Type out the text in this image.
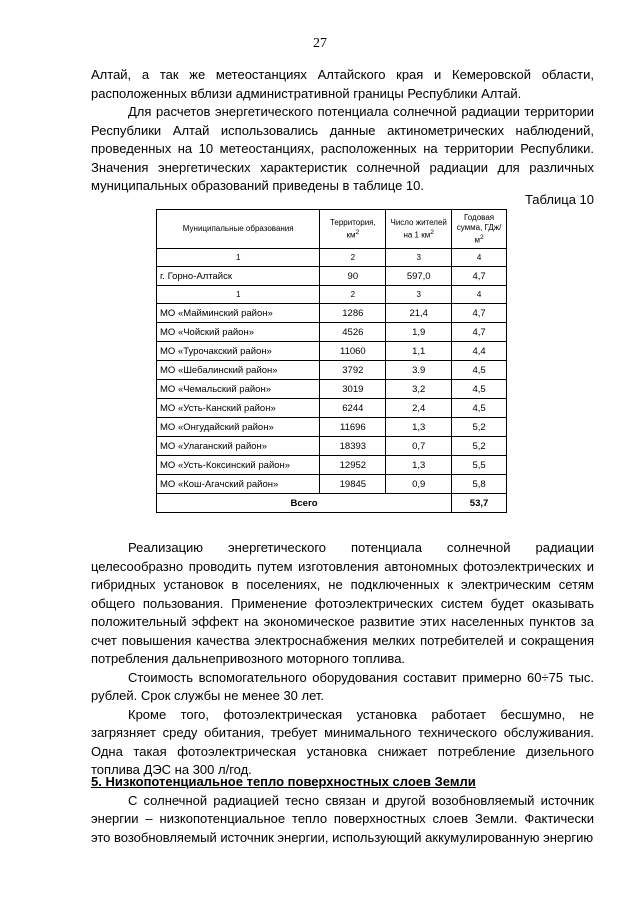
27

Алтай, а так же метеостанциях Алтайского края и Кемеровской области, расположенных вблизи административной границы Республики Алтай.

Для расчетов энергетического потенциала солнечной радиации территории Республики Алтай использовались данные актинометрических наблюдений, проведенных на 10 метеостанциях, расположенных на территории Республики. Значения энергетических характеристик солнечной радиации для различных муниципальных образований приведены в таблице 10.

Таблица 10
Муниципальные образования	Территория, $км^2$	Число жителей на 1 $км^2$	Годовая сумма, ГДж/$м^2$
1	2	3	4
г. Горно-Алтайск	90	597,0	4,7
1	2	3	4
МО «Майминский район»	1286	21,4	4,7
МО «Чойский район»	4526	1,9	4,7
МО «Турочакский район»	11060	1,1	4,4
МО «Шебалинский район»	3792	3.9	4,5
МО «Чемальский район»	3019	3,2	4,5
МО «Усть-Канский район»	6244	2,4	4,5
МО «Онгудайский район»	11696	1,3	5,2
МО «Улаганский район»	18393	0,7	5,2
МО «Усть-Коксинский район»	12952	1,3	5,5
МО «Кош-Агачский район»	19845	0,9	5,8
Всего			53,7

Реализацию энергетического потенциала солнечной радиации целесообразно проводить путем изготовления автономных фотоэлектрических и гибридных установок в поселениях, не подключенных к электрическим сетям общего пользования. Применение фотоэлектрических систем будет оказывать положительный эффект на экономическое развитие этих населенных пунктов за счет повышения качества электроснабжения мелких потребителей и сокращения потребления дальнепривозного моторного топлива.

Стоимость вспомогательного оборудования составит примерно 60÷75 тыс. рублей. Срок службы не менее 30 лет.

Кроме того, фотоэлектрическая установка работает бесшумно, не загрязняет среду обитания, требует минимального технического обслуживания. Одна такая фотоэлектрическая установка снижает потребление дизельного топлива ДЭС на 300 л/год.

5. Низкопотенциальное тепло поверхностных слоев Земли

С солнечной радиацией тесно связан и другой возобновляемый источник энергии – низкопотенциальное тепло поверхностных слоев Земли. Фактически это возобновляемый источник энергии, использующий аккумулированную энергию
